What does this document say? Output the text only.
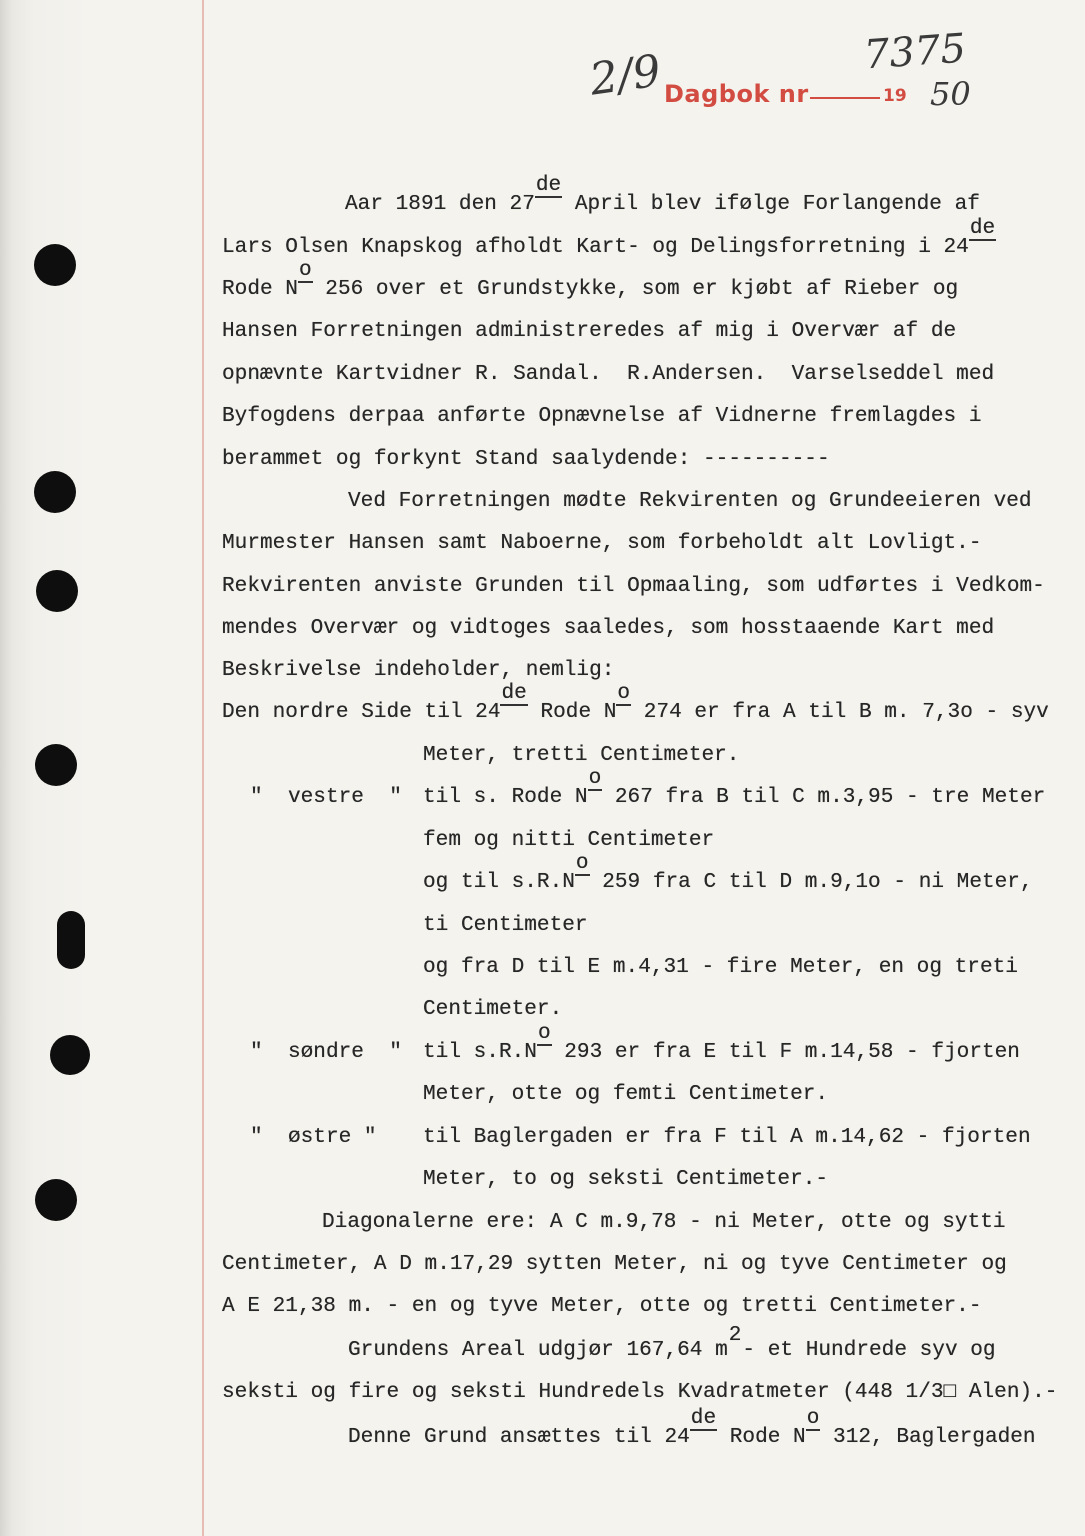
2/9 Dagbok nr
7375
19 50
Aar 1891 den 27de April blev ifølge Forlangende af
Lars Olsen Knapskog afholdt Kart- og Delingsforretning i 24de
Rode No 256 over et Grundstykke, som er kjøbt af Rieber og
Hansen Forretningen administreredes af mig i Overvær af de
opnævnte Kartvidner R. Sandal.  R.Andersen.  Varselseddel med
Byfogdens derpaa anførte Opnævnelse af Vidnerne fremlagdes i
berammet og forkynt Stand saalydende: ----------
Ved Forretningen mødte Rekvirenten og Grundeeieren ved
Murmester Hansen samt Naboerne, som forbeholdt alt Lovligt.-
Rekvirenten anviste Grunden til Opmaaling, som udførtes i Vedkom-
mendes Overvær og vidtoges saaledes, som hosstaaende Kart med
Beskrivelse indeholder, nemlig:
Den nordre Side til 24de Rode No 274 er fra A til B m. 7,3o - syv
Meter, tretti Centimeter.
"  vestre  " til s. Rode No 267 fra B til C m.3,95 - tre Meter
fem og nitti Centimeter
og til s.R.No 259 fra C til D m.9,1o - ni Meter,
ti Centimeter
og fra D til E m.4,31 - fire Meter, en og treti
Centimeter.
"  søndre  " til s.R.No 293 er fra E til F m.14,58 - fjorten
Meter, otte og femti Centimeter.
"  østre " til Baglergaden er fra F til A m.14,62 - fjorten
Meter, to og seksti Centimeter.-
Diagonalerne ere: A C m.9,78 - ni Meter, otte og sytti
Centimeter, A D m.17,29 sytten Meter, ni og tyve Centimeter og
A E 21,38 m. - en og tyve Meter, otte og tretti Centimeter.-
Grundens Areal udgjør 167,64 m2- et Hundrede syv og
seksti og fire og seksti Hundredels Kvadratmeter (448 1/3□ Alen).-
Denne Grund ansættes til 24de Rode No 312, Baglergaden
